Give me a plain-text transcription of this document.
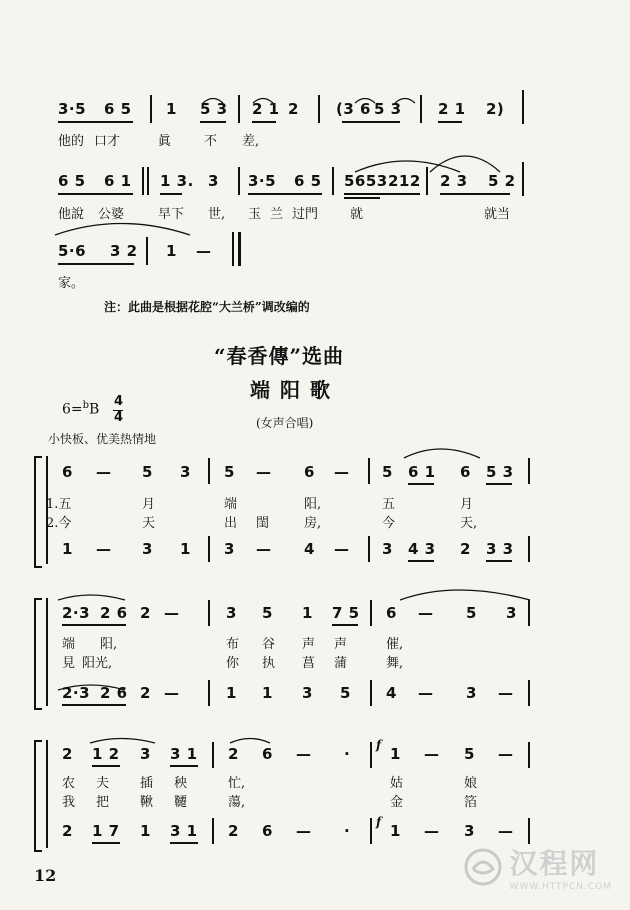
3·5 6 5 1 5 3 2 1 2 (3 6 5 3 2 1 2)
他的 口才	眞	不 差,
6 5 6 1 1 3. 3 3·5 6 5 5653 212 2 3 5 2
他說 公婆	早下 世, 玉 兰 过門 就	就当
5·6 3 2 1 —
家。
注：此曲是根据花腔“大兰桥”调改编的
“春香傳”选曲
端阳歌
6=$^b$B
4
4	(女声合唱)
小快板、优美热情地
6 — 5 3 5 — 6 — 5 6 1 6 5 3
1.五	月	端	阳,	五	月
2.今	天	出 閨	房,	今	天,
1 — 3 1 3 — 4 — 3 4 3 2 3 3
2·3 2 6 2 —	3 5 1 7 5 6 — 5 3
端 阳,	布 谷 声 声	催,
見 阳光,	你 执 菖 蒲	舞,
2·3 2 6 2 —	1 1 3 5 4 — 3 —
2 1 2 3 3 1 2 6 — · f 1 — 5 —
农 夫 插 秧	忙,	姑	娘
我 把 鞦 韆	蕩,	金	箔
2 1 7 1 3 1 2 6 — · f 1 — 3 —
12	汉程网
WWW.HTTPCN.COM
